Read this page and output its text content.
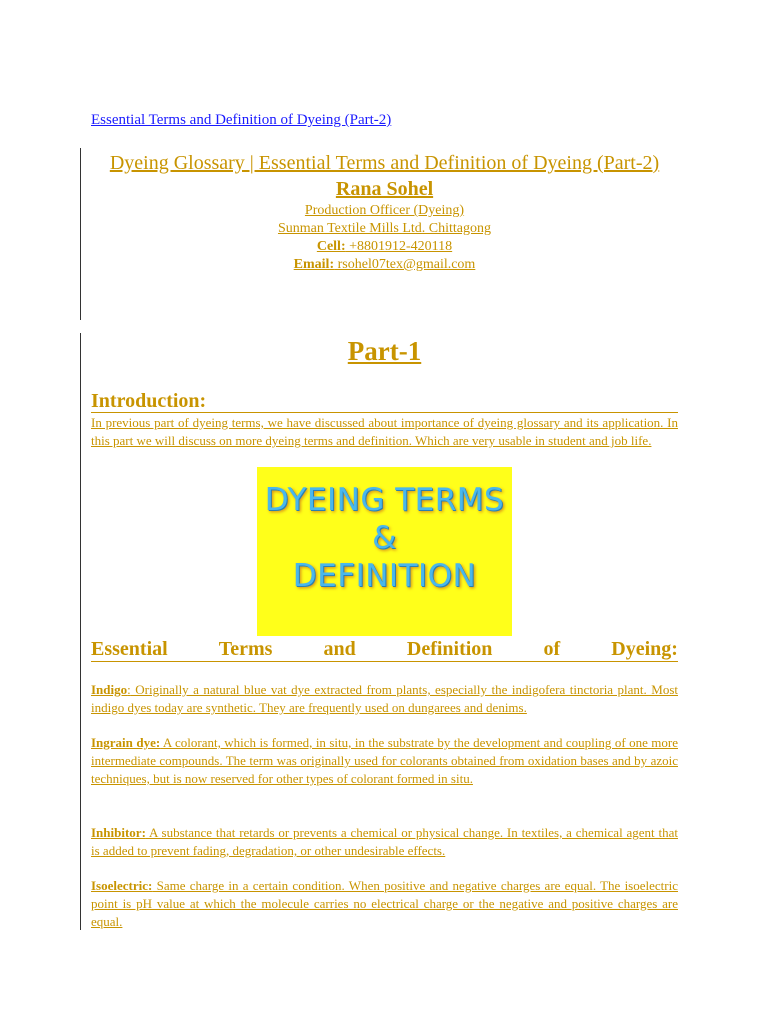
Essential Terms and Definition of Dyeing (Part-2)
Dyeing Glossary | Essential Terms and Definition of Dyeing (Part-2)
Rana Sohel
Production Officer (Dyeing)
Sunman Textile Mills Ltd. Chittagong
Cell: +8801912-420118
Email: rsohel07tex@gmail.com
Part-1
Introduction:
In previous part of dyeing terms, we have discussed about importance of dyeing glossary and its application. In this part we will discuss on more dyeing terms and definition. Which are very usable in student and job life.
DYEING TERMS
&
DEFINITION
Essential	Terms	and	Definition	of	Dyeing:
Indigo: Originally a natural blue vat dye extracted from plants, especially the indigofera tinctoria plant. Most indigo dyes today are synthetic. They are frequently used on dungarees and denims.
Ingrain dye: A colorant, which is formed, in situ, in the substrate by the development and coupling of one more intermediate compounds. The term was originally used for colorants obtained from oxidation bases and by azoic techniques, but is now reserved for other types of colorant formed in situ.
Inhibitor: A substance that retards or prevents a chemical or physical change. In textiles, a chemical agent that is added to prevent fading, degradation, or other undesirable effects.
Isoelectric: Same charge in a certain condition. When positive and negative charges are equal. The isoelectric point is pH value at which the molecule carries no electrical charge or the negative and positive charges are equal.
